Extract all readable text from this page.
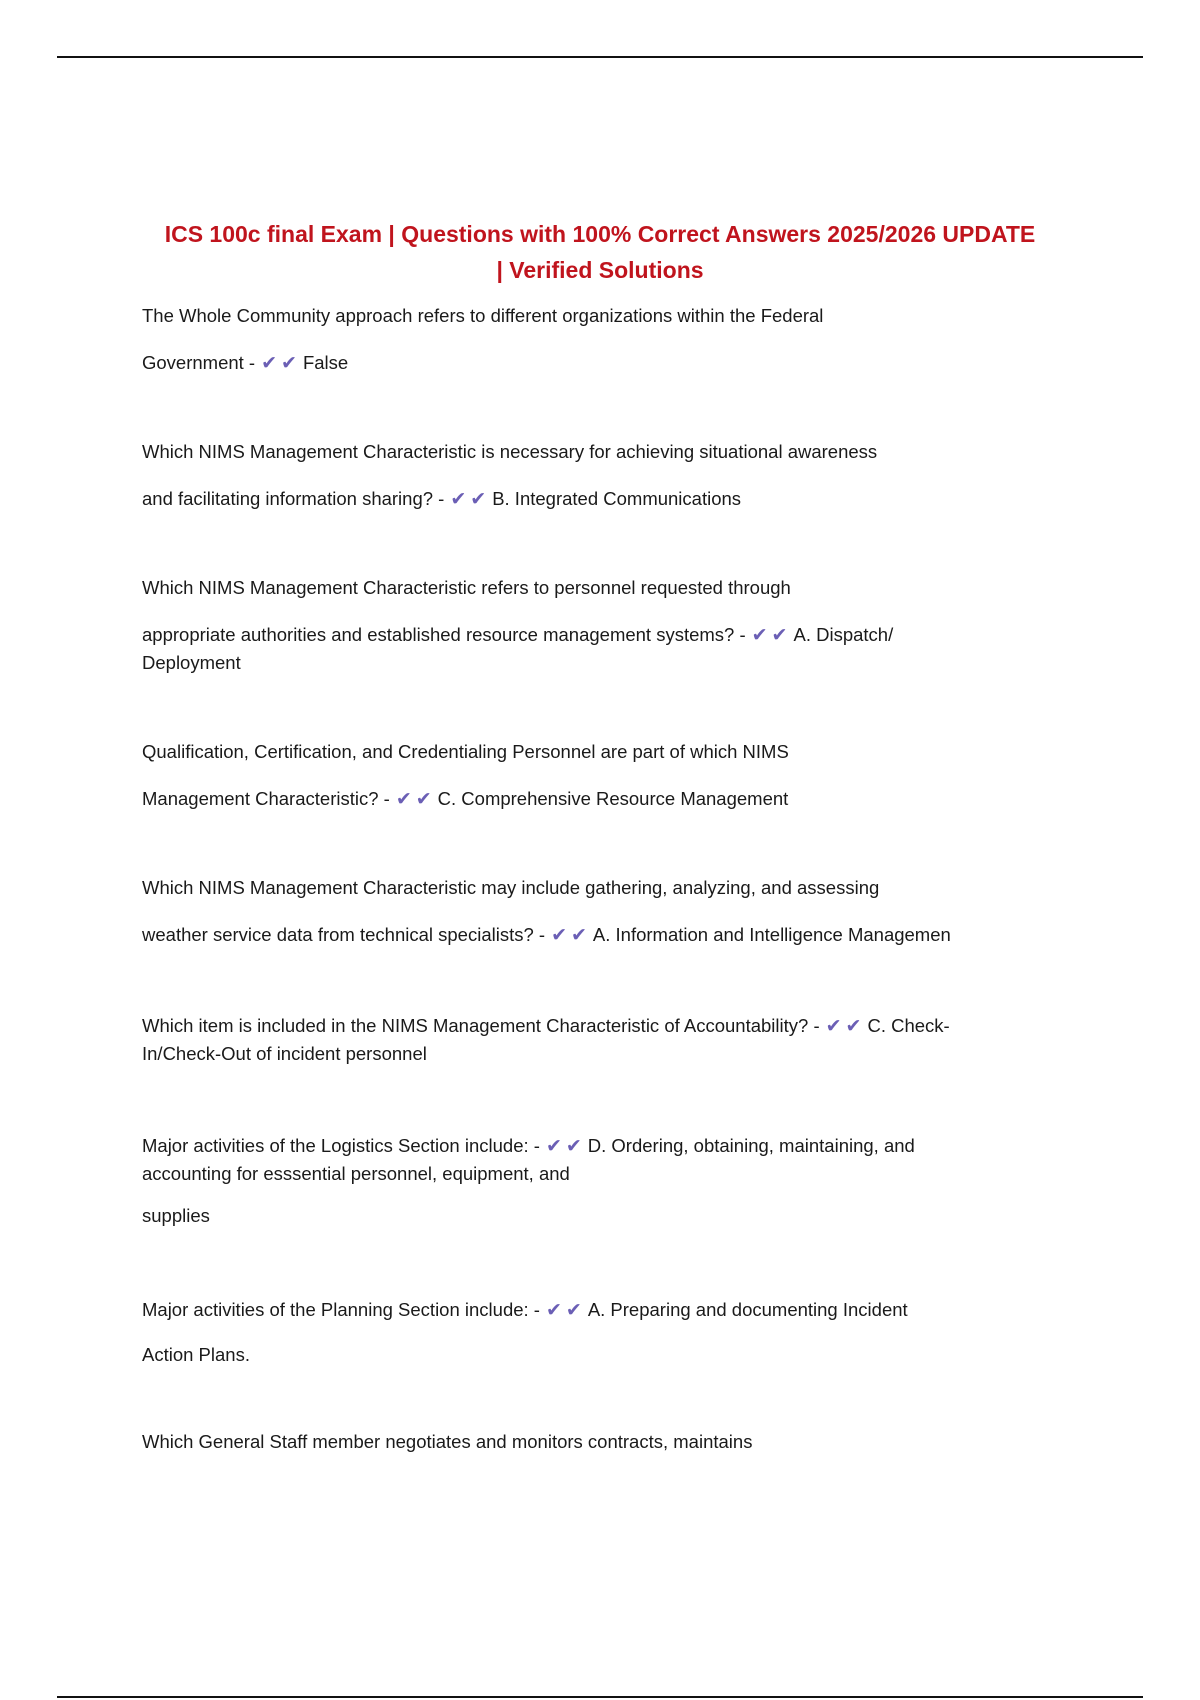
ICS 100c final Exam | Questions with 100% Correct Answers 2025/2026 UPDATE
| Verified Solutions

The Whole Community approach refers to different organizations within the Federal

Government - ✔✔ False

Which NIMS Management Characteristic is necessary for achieving situational awareness

and facilitating information sharing? - ✔✔ B. Integrated Communications

Which NIMS Management Characteristic refers to personnel requested through

appropriate authorities and established resource management systems? - ✔✔ A. Dispatch/

Deployment

Qualification, Certification, and Credentialing Personnel are part of which NIMS

Management Characteristic? - ✔✔ C. Comprehensive Resource Management

Which NIMS Management Characteristic may include gathering, analyzing, and assessing

weather service data from technical specialists? - ✔✔ A. Information and Intelligence Managemen

Which item is included in the NIMS Management Characteristic of Accountability? - ✔✔ C. Check-

In/Check-Out of incident personnel

Major activities of the Logistics Section include: - ✔✔ D. Ordering, obtaining, maintaining, and

accounting for esssential personnel, equipment, and

supplies

Major activities of the Planning Section include: - ✔✔ A. Preparing and documenting Incident

Action Plans.

Which General Staff member negotiates and monitors contracts, maintains
